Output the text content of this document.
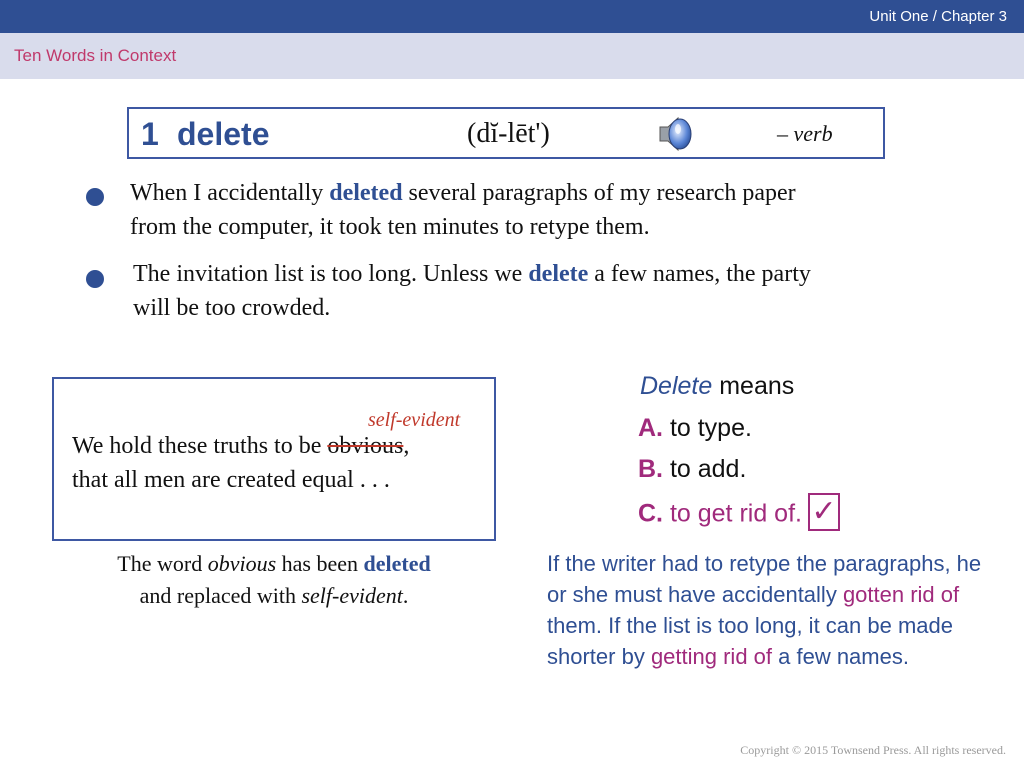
Unit One / Chapter 3
Ten Words in Context
1 delete	(dĭ-lēt')	– verb
When I accidentally deleted several paragraphs of my research paper
from the computer, it took ten minutes to retype them.
The invitation list is too long. Unless we delete a few names, the party
will be too crowded.
self-evident
We hold these truths to be obvious,
that all men are created equal . . .
The word obvious has been deleted
and replaced with self-evident.
Delete means
A. to type.
B. to add.
C. to get rid of. ✓
If the writer had to retype the paragraphs, he or she must have accidentally gotten rid of them. If the list is too long, it can be made shorter by getting rid of a few names.
Copyright © 2015 Townsend Press. All rights reserved.
